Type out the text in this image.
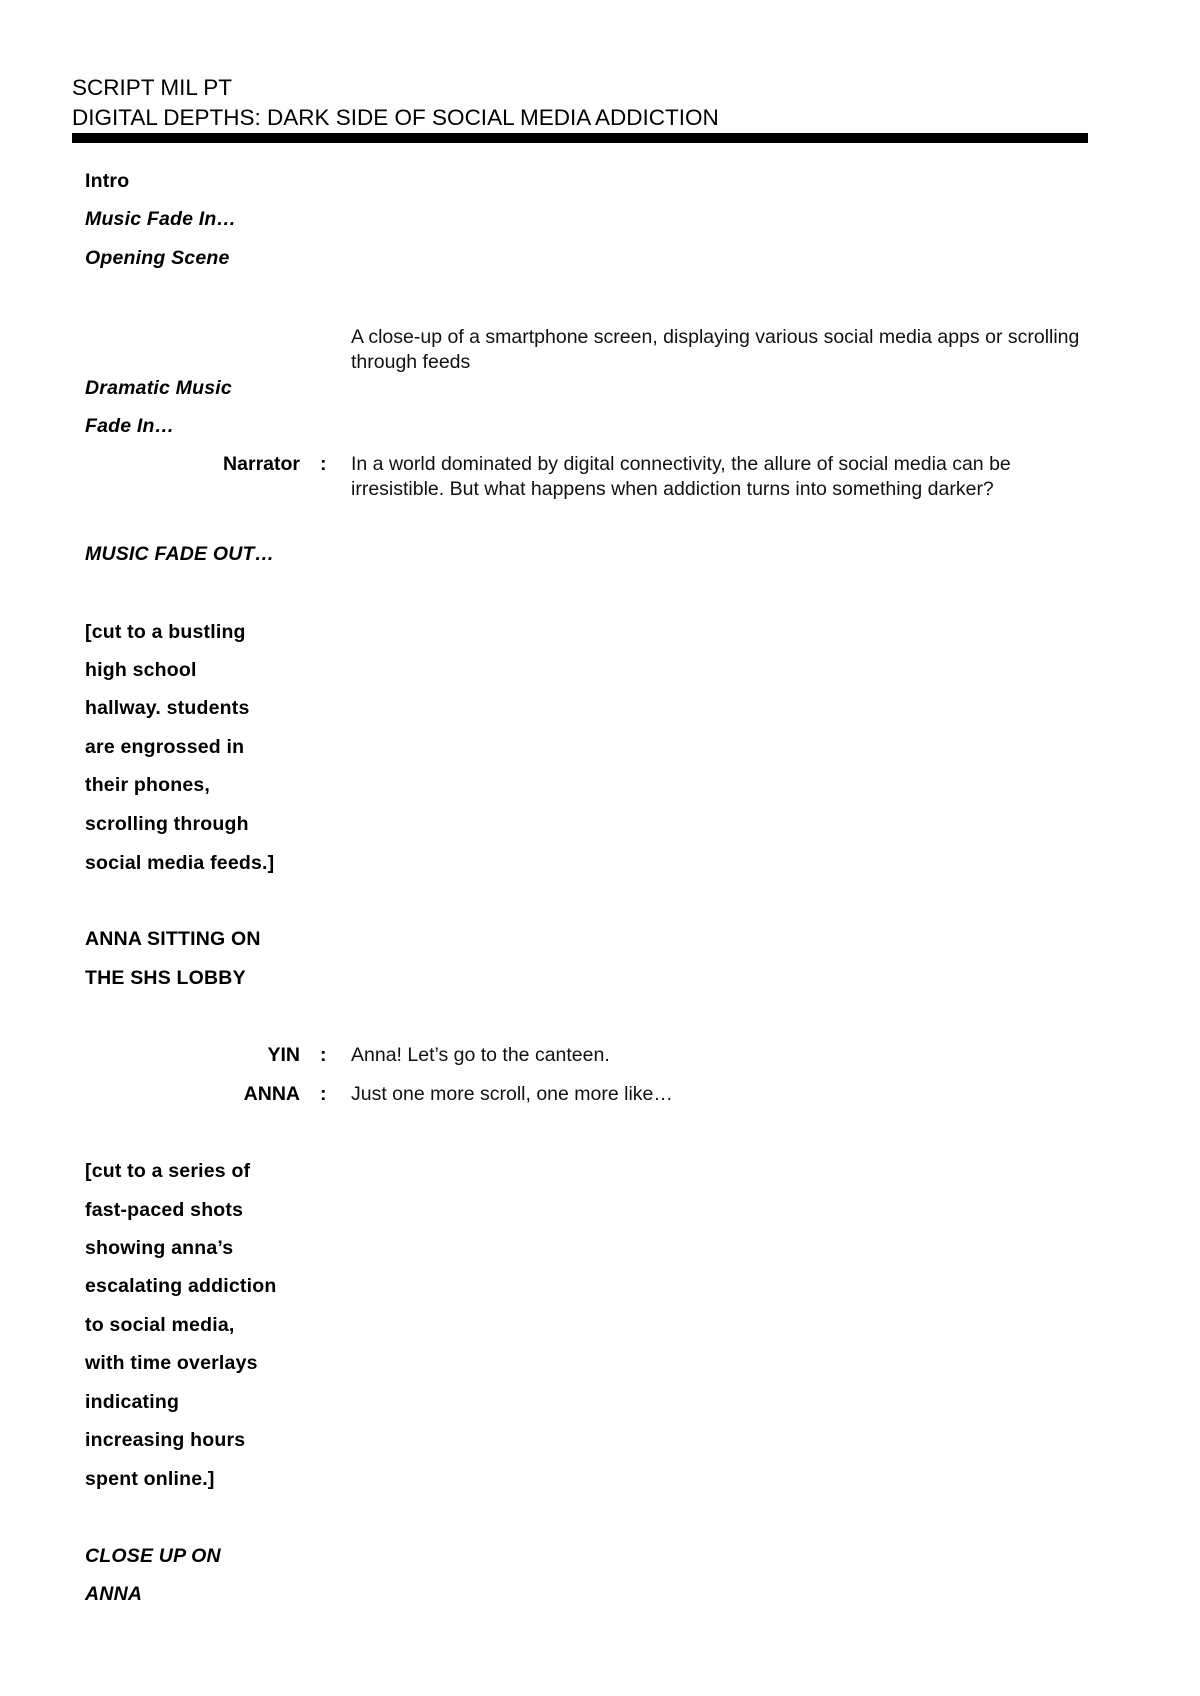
SCRIPT MIL PT
DIGITAL DEPTHS: DARK SIDE OF SOCIAL MEDIA ADDICTION
Intro
Music Fade In…
Opening Scene
A close-up of a smartphone screen, displaying various social media apps or scrolling through feeds
Dramatic Music
Fade In…
Narrator : In a world dominated by digital connectivity, the allure of social media can be
irresistible. But what happens when addiction turns into something darker?
MUSIC FADE OUT…
[cut to a bustling
high school
hallway. students
are engrossed in
their phones,
scrolling through
social media feeds.]
ANNA SITTING ON
THE SHS LOBBY
YIN : Anna! Let’s go to the canteen.
ANNA : Just one more scroll, one more like…
[cut to a series of
fast-paced shots
showing anna’s
escalating addiction
to social media,
with time overlays
indicating
increasing hours
spent online.]
CLOSE UP ON
ANNA
